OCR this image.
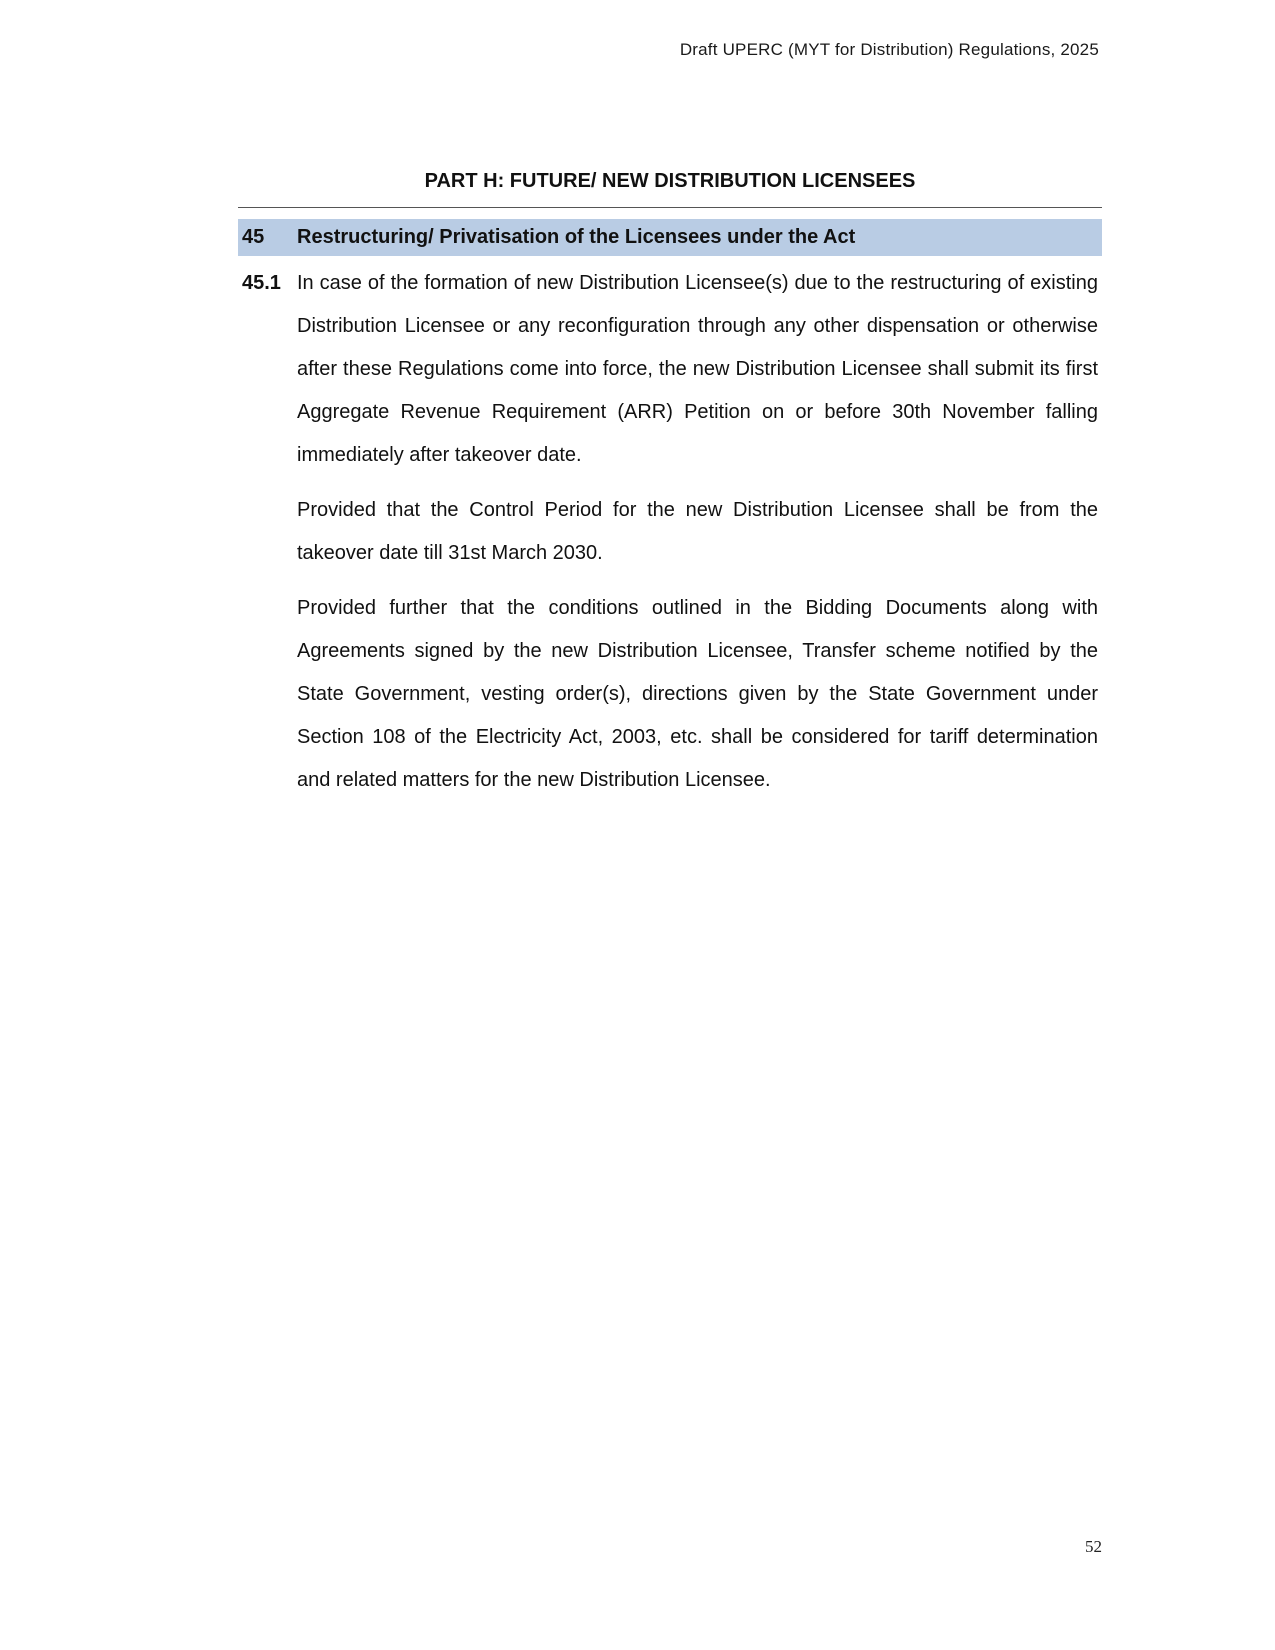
Draft UPERC (MYT for Distribution) Regulations, 2025
PART H: FUTURE/ NEW DISTRIBUTION LICENSEES
45	Restructuring/ Privatisation of the Licensees under the Act
45.1 In case of the formation of new Distribution Licensee(s) due to the restructuring of existing Distribution Licensee or any reconfiguration through any other dispensation or otherwise after these Regulations come into force, the new Distribution Licensee shall submit its first Aggregate Revenue Requirement (ARR) Petition on or before 30th November falling immediately after takeover date.

Provided that the Control Period for the new Distribution Licensee shall be from the takeover date till 31st March 2030.

Provided further that the conditions outlined in the Bidding Documents along with Agreements signed by the new Distribution Licensee, Transfer scheme notified by the State Government, vesting order(s), directions given by the State Government under Section 108 of the Electricity Act, 2003, etc. shall be considered for tariff determination and related matters for the new Distribution Licensee.

52
